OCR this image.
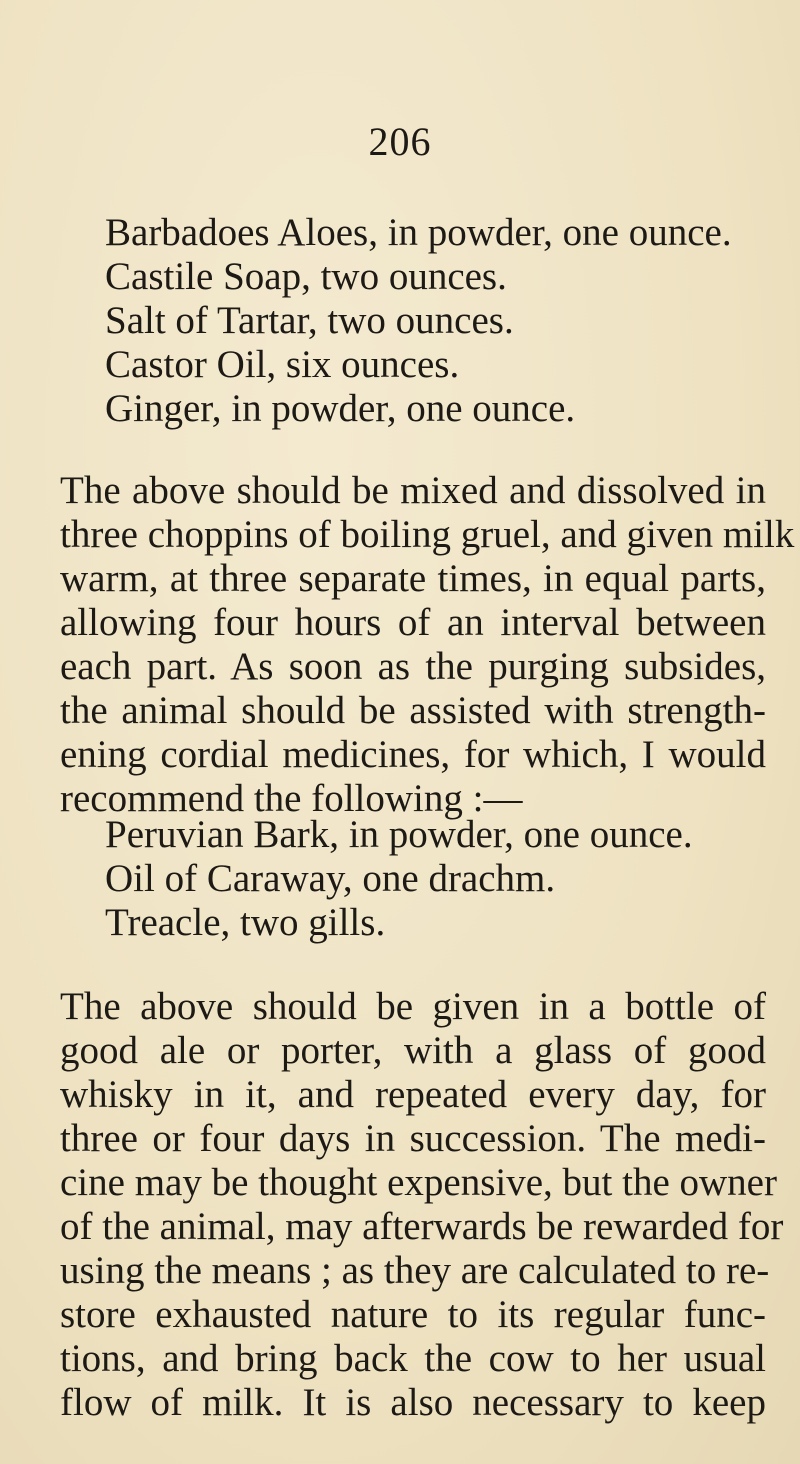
206
Barbadoes Aloes, in powder, one ounce.
Castile Soap, two ounces.
Salt of Tartar, two ounces.
Castor Oil, six ounces.
Ginger, in powder, one ounce.
The above should be mixed and dissolved in
three choppins of boiling gruel, and given milk
warm, at three separate times, in equal parts,
allowing four hours of an interval between
each part. As soon as the purging subsides,
the animal should be assisted with strength-
ening cordial medicines, for which, I would
recommend the following :—
Peruvian Bark, in powder, one ounce.
Oil of Caraway, one drachm.
Treacle, two gills.
The above should be given in a bottle of
good ale or porter, with a glass of good
whisky in it, and repeated every day, for
three or four days in succession. The medi-
cine may be thought expensive, but the owner
of the animal, may afterwards be rewarded for
using the means ; as they are calculated to re-
store exhausted nature to its regular func-
tions, and bring back the cow to her usual
flow of milk. It is also necessary to keep
